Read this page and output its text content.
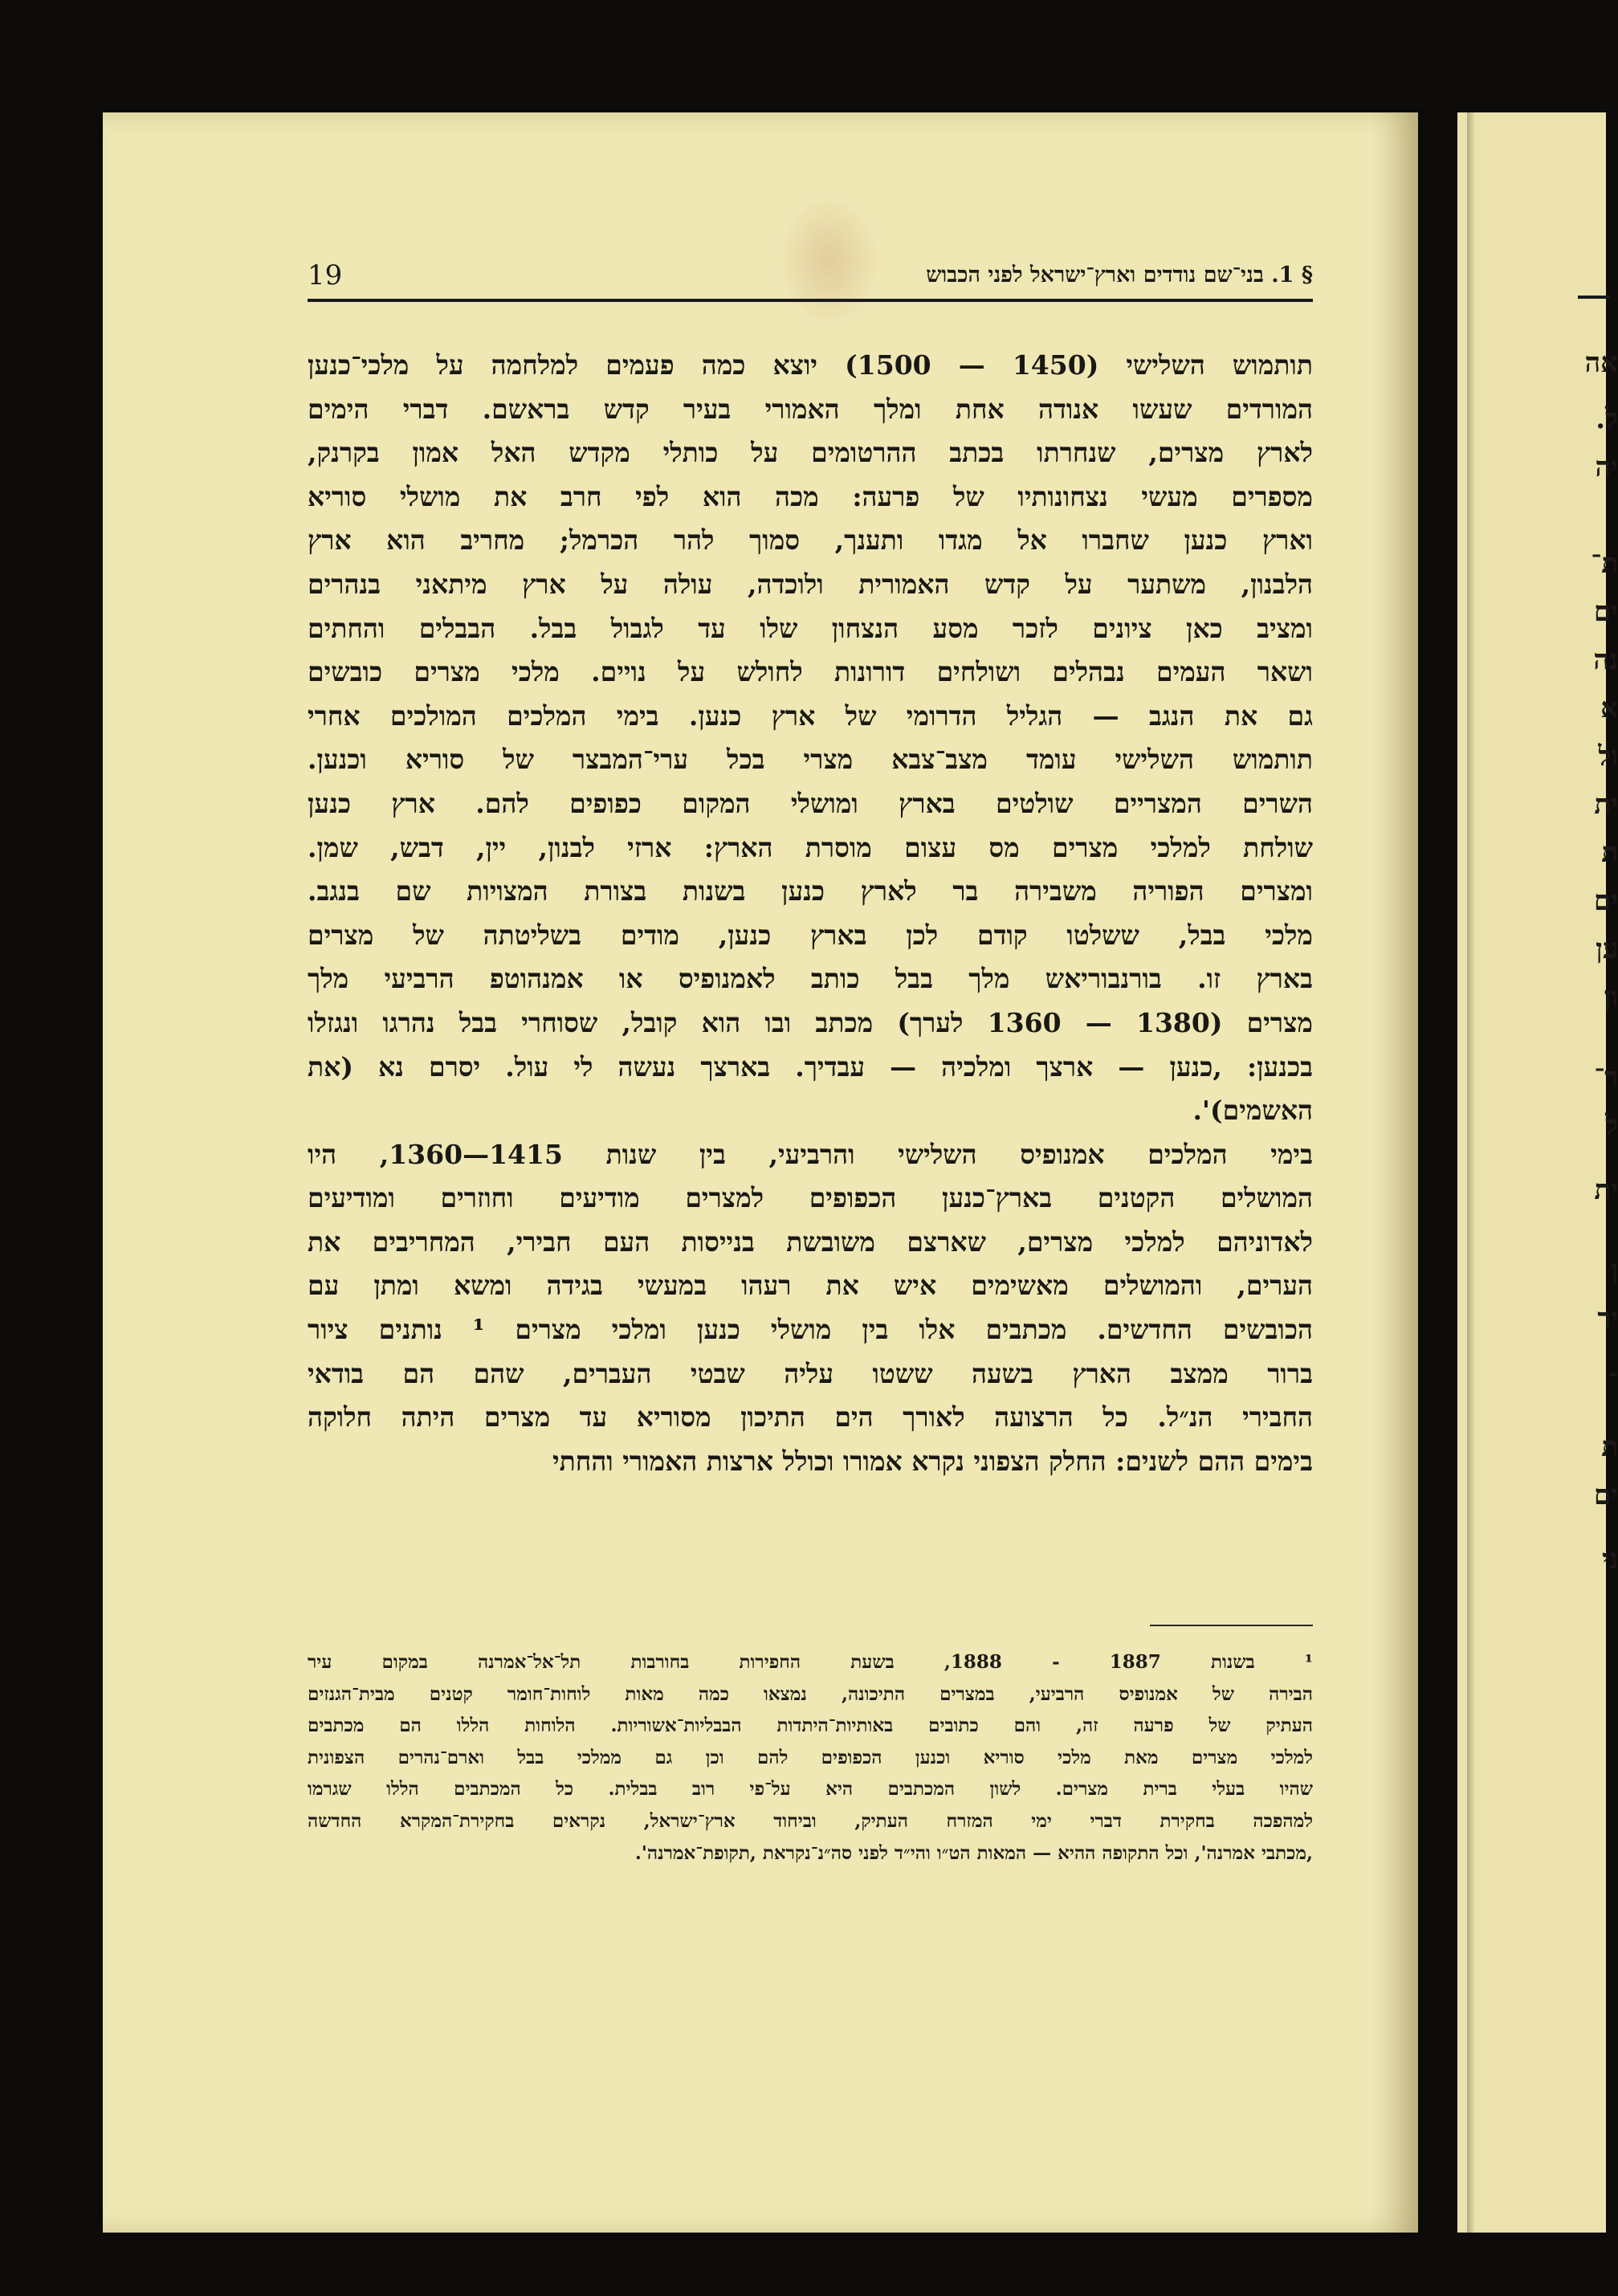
אה
ל.
יה
ת־
ים
נה
א
ול
ית
ת
ים
ען
ון
ר־
ל
ית
ן
יר
־
ת
ים
ני
19	§ 1. בני־שם נודדים וארץ־ישראל לפני הכבוש
תותמוש השלישי (1450 — 1500) יוצא כמה פעמים למלחמה על מלכי־כנען
המורדים שעשו אנודה אחת ומלך האמורי בעיר קדש בראשם. דברי הימים
לארץ מצרים, שנחרתו בכתב ההרטומים על כותלי מקדש האל אמון בקרנק,
מספרים מעשי נצחונותיו של פרעה: מכה הוא לפי חרב את מושלי סוריא
וארץ כנען שחברו אל מגדו ותענך, סמוך להר הכרמל; מחריב הוא ארץ
הלבנון, משתער על קדש האמורית ולוכדה, עולה על ארץ מיתאני בנהרים
ומציב כאן ציונים לזכר מסע הנצחון שלו עד לגבול בבל. הבבלים והחתים
ושאר העמים נבהלים ושולחים דורונות לחולש על נויים. מלכי מצרים כובשים
גם את הנגב — הגליל הדרומי של ארץ כנען. בימי המלכים המולכים אחרי
תותמוש השלישי עומד מצב־צבא מצרי בכל ערי־המבצר של סוריא וכנען.
השרים המצריים שולטים בארץ ומושלי המקום כפופים להם. ארץ כנען
שולחת למלכי מצרים מס עצום מוסרת הארץ: ארזי לבנון, יין, דבש, שמן.
ומצרים הפוריה משבירה בר לארץ כנען בשנות בצורת המצויות שם בנגב.
מלכי בבל, ששלטו קודם לכן בארץ כנען, מודים בשליטתה של מצרים
בארץ זו. בורנבוריאש מלך בבל כותב לאמנופיס או אמנהוטפ הרביעי מלך
מצרים (1380 — 1360 לערך) מכתב ובו הוא קובל, שסוחרי בבל נהרגו ונגזלו
בכנען: ,כנען — ארצך ומלכיה — עבדיך. בארצך נעשה לי עול. יסרם נא (את
האשמים)'.
בימי המלכים אמנופיס השלישי והרביעי, בין שנות 1415—1360, היו
המושלים הקטנים בארץ־כנען הכפופים למצרים מודיעים וחוזרים ומודיעים
לאדוניהם למלכי מצרים, שארצם משובשת בנייסות העם חבירי, המחריבים את
הערים, והמושלים מאשימים איש את רעהו במעשי בגידה ומשא ומתן עם
הכובשים החדשים. מכתבים אלו בין מושלי כנען ומלכי מצרים ¹ נותנים ציור
ברור ממצב הארץ בשעה ששטו עליה שבטי העברים, שהם הם בודאי
החבירי הנ״ל. כל הרצועה לאורך הים התיכון מסוריא עד מצרים היתה חלוקה
בימים ההם לשנים: החלק הצפוני נקרא אמורו וכולל ארצות האמורי והחתי
¹ בשנות 1887 - 1888, בשעת החפירות בחורבות תל־אל־אמרנה במקום עיר
הבירה של אמנופיס הרביעי, במצרים התיכונה, נמצאו כמה מאות לוחות־חומר קטנים מבית־הגנזים
העתיק של פרעה זה, והם כתובים באותיות־היתדות הבבליות־אשוריות. הלוחות הללו הם מכתבים
למלכי מצרים מאת מלכי סוריא וכנען הכפופים להם וכן גם ממלכי בבל וארם־נהרים הצפונית
שהיו בעלי ברית מצרים. לשון המכתבים היא על־פי רוב בבלית. כל המכתבים הללו שגרמו
למהפכה בחקירת דברי ימי המזרח העתיק, וביחוד ארץ־ישראל, נקראים בחקירת־המקרא החדשה
,מכתבי אמרנה', וכל התקופה ההיא — המאות הט״ו והי״ד לפני סה״נ־נקראת ,תקופת־אמרנה'.
